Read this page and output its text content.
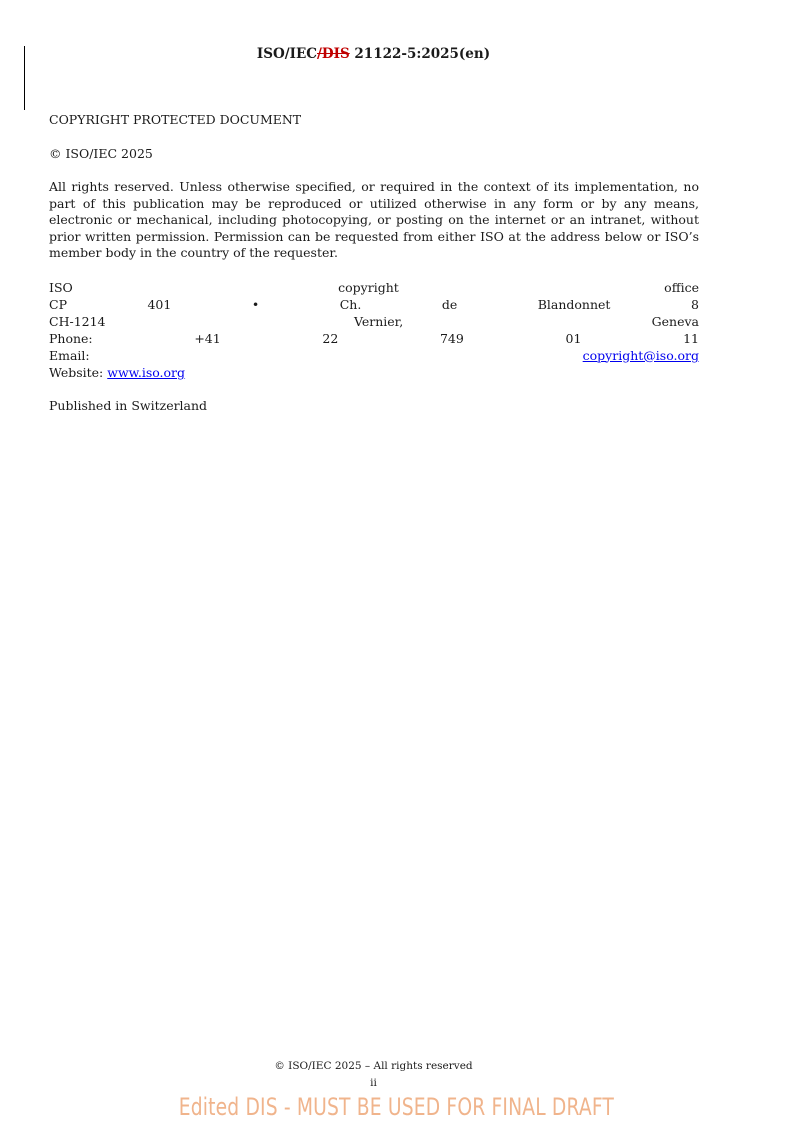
ISO/IEC/DIS 21122-5:2025(en)

COPYRIGHT PROTECTED DOCUMENT

© ISO/IEC 2025

All rights reserved. Unless otherwise specified, or required in the context of its implementation, no part of this publication may be reproduced or utilized otherwise in any form or by any means, electronic or mechanical, including photocopying, or posting on the internet or an intranet, without prior written permission. Permission can be requested from either ISO at the address below or ISO’s member body in the country of the requester.

ISO	copyright	office
CP	401	•	Ch.	de	Blandonnet	8
CH-1214	Vernier,	Geneva
Phone:	+41	22	749	01	11
Email:	copyright@iso.org
Website: www.iso.org

Published in Switzerland

© ISO/IEC 2025 – All rights reserved
ii
Edited DIS - MUST BE USED FOR FINAL DRAFT
